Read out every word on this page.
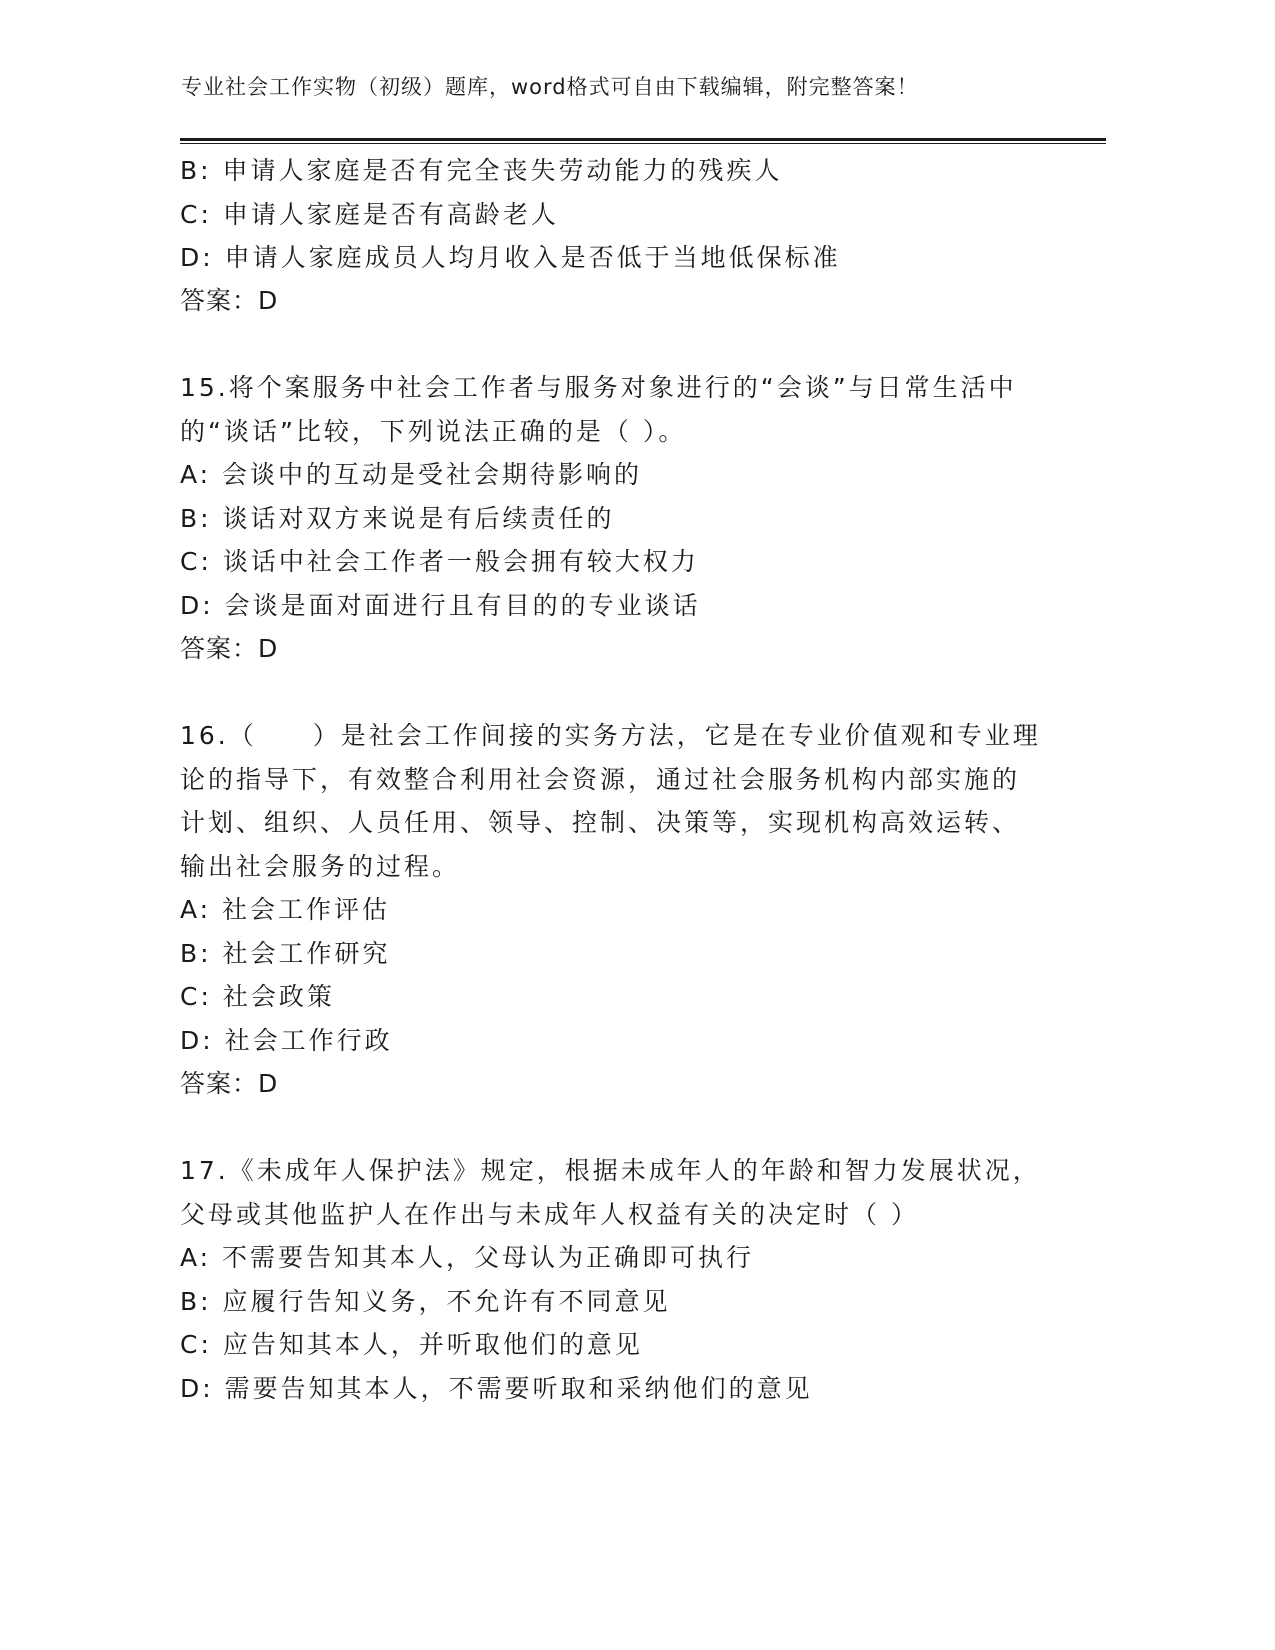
专业社会工作实物（初级）题库，word格式可自由下载编辑，附完整答案！
B: 申请人家庭是否有完全丧失劳动能力的残疾人
C: 申请人家庭是否有高龄老人
D: 申请人家庭成员人均月收入是否低于当地低保标准
答案：D
15.将个案服务中社会工作者与服务对象进行的“会谈”与日常生活中
的“谈话”比较，下列说法正确的是（ ）。
A: 会谈中的互动是受社会期待影响的
B: 谈话对双方来说是有后续责任的
C: 谈话中社会工作者一般会拥有较大权力
D: 会谈是面对面进行且有目的的专业谈话
答案：D
16.（　　）是社会工作间接的实务方法，它是在专业价值观和专业理
论的指导下，有效整合利用社会资源，通过社会服务机构内部实施的
计划、组织、人员任用、领导、控制、决策等，实现机构高效运转、
输出社会服务的过程。
A: 社会工作评估
B: 社会工作研究
C: 社会政策
D: 社会工作行政
答案：D
17.《未成年人保护法》规定，根据未成年人的年龄和智力发展状况，
父母或其他监护人在作出与未成年人权益有关的决定时（ ）
A: 不需要告知其本人，父母认为正确即可执行
B: 应履行告知义务，不允许有不同意见
C: 应告知其本人，并听取他们的意见
D: 需要告知其本人，不需要听取和采纳他们的意见
